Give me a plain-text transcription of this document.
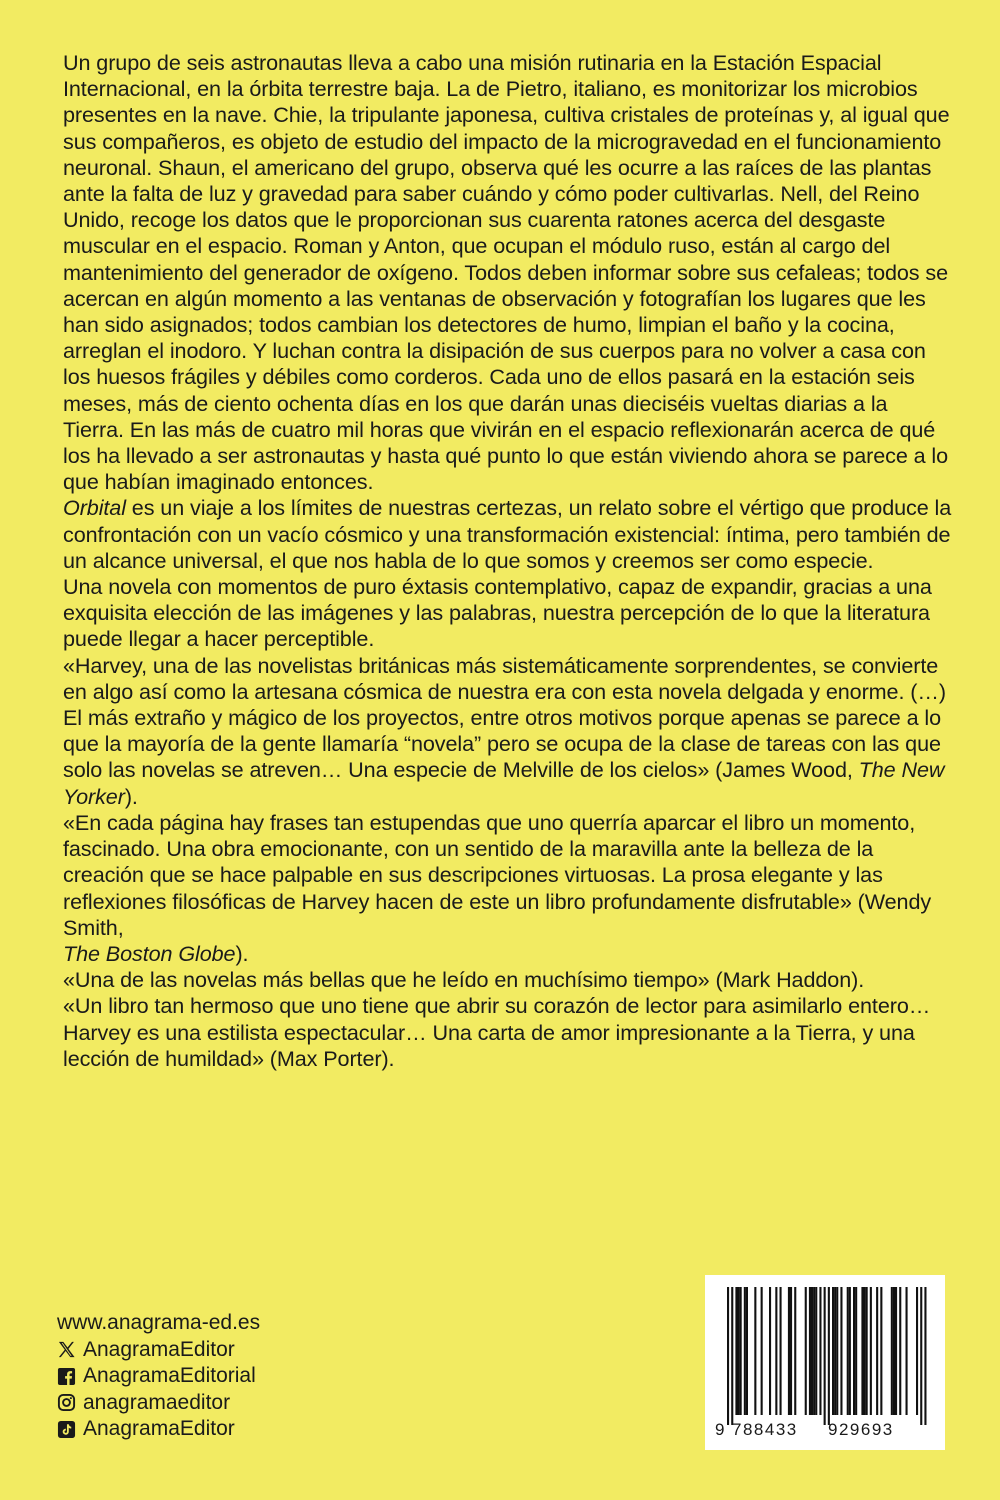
Un grupo de seis astronautas lleva a cabo una misión rutinaria en la Estación Espacial Internacional, en la órbita terrestre baja. La de Pietro, italiano, es monitorizar los microbios presentes en la nave. Chie, la tripulante japonesa, cultiva cristales de proteínas y, al igual que sus compañeros, es objeto de estudio del impacto de la microgravedad en el funcionamiento neuronal. Shaun, el americano del grupo, observa qué les ocurre a las raíces de las plantas ante la falta de luz y gravedad para saber cuándo y cómo poder cultivarlas. Nell, del Reino Unido, recoge los datos que le proporcionan sus cuarenta ratones acerca del desgaste muscular en el espacio. Roman y Anton, que ocupan el módulo ruso, están al cargo del mantenimiento del generador de oxígeno. Todos deben informar sobre sus cefaleas; todos se acercan en algún momento a las ventanas de observación y fotografían los lugares que les han sido asignados; todos cambian los detectores de humo, limpian el baño y la cocina, arreglan el inodoro. Y luchan contra la disipación de sus cuerpos para no volver a casa con los huesos frágiles y débiles como corderos. Cada uno de ellos pasará en la estación seis meses, más de ciento ochenta días en los que darán unas dieciséis vueltas diarias a la Tierra. En las más de cuatro mil horas que vivirán en el espacio reflexionarán acerca de qué los ha llevado a ser astronautas y hasta qué punto lo que están viviendo ahora se parece a lo que habían imaginado entonces.

Orbital es un viaje a los límites de nuestras certezas, un relato sobre el vértigo que produce la confrontación con un vacío cósmico y una transformación existencial: íntima, pero también de un alcance universal, el que nos habla de lo que somos y creemos ser como especie.

Una novela con momentos de puro éxtasis contemplativo, capaz de expandir, gracias a una exquisita elección de las imágenes y las palabras, nuestra percepción de lo que la literatura puede llegar a hacer perceptible.

«Harvey, una de las novelistas británicas más sistemáticamente sorprendentes, se convierte en algo así como la artesana cósmica de nuestra era con esta novela delgada y enorme. (…) El más extraño y mágico de los proyectos, entre otros motivos porque apenas se parece a lo que la mayoría de la gente llamaría “novela” pero se ocupa de la clase de tareas con las que solo las novelas se atreven… Una especie de Melville de los cielos» (James Wood, The New Yorker).

«En cada página hay frases tan estupendas que uno querría aparcar el libro un momento, fascinado. Una obra emocionante, con un sentido de la maravilla ante la belleza de la creación que se hace palpable en sus descripciones virtuosas. La prosa elegante y las reflexiones filosóficas de Harvey hacen de este un libro profundamente disfrutable» (Wendy Smith,
The Boston Globe).

«Una de las novelas más bellas que he leído en muchísimo tiempo» (Mark Haddon).

«Un libro tan hermoso que uno tiene que abrir su corazón de lector para asimilarlo entero… Harvey es una estilista espectacular… Una carta de amor impresionante a la Tierra, y una lección de humildad» (Max Porter).

www.anagrama-ed.es
AnagramaEditor
AnagramaEditorial
anagramaeditor
AnagramaEditor	9 788433 929693
